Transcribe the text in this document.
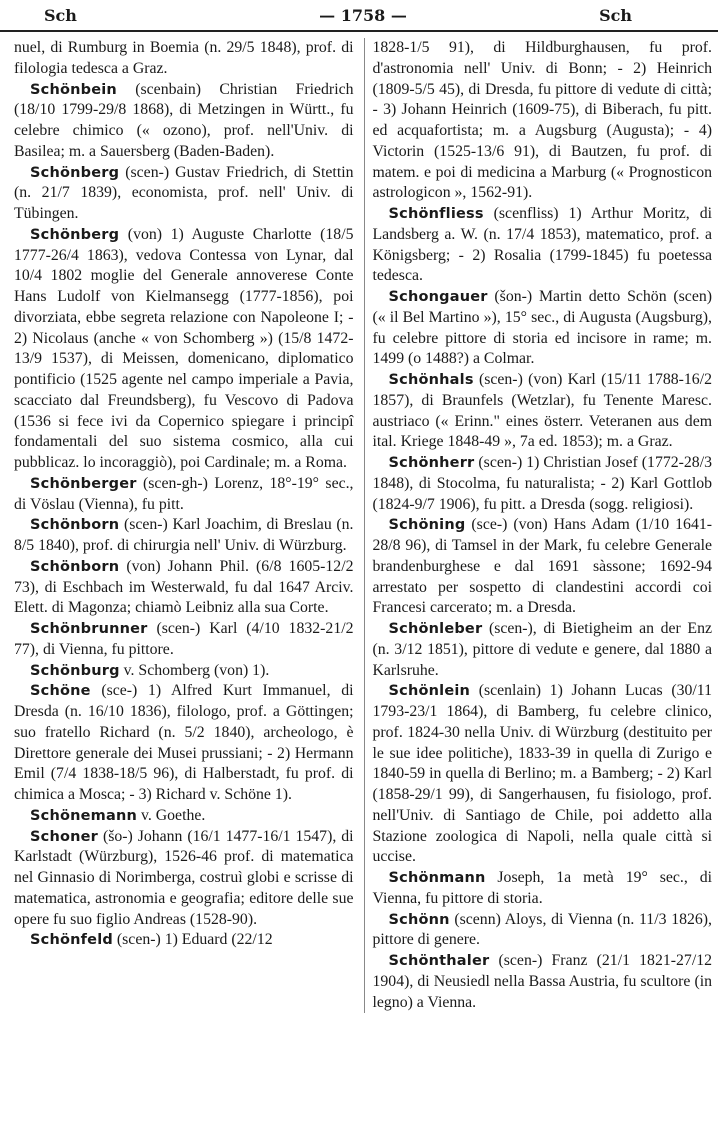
Sch	— 1758 —	Sch

nuel, di Rumburg in Boemia (n. 29/5 1848), prof. di filologia tedesca a Graz.

Schönbein (scenbain) Christian Friedrich (18/10 1799-29/8 1868), di Metzingen in Württ., fu celebre chimico (« ozono), prof. nell'Univ. di Basilea; m. a Sauersberg (Baden-Baden).

Schönberg (scen-) Gustav Friedrich, di Stettin (n. 21/7 1839), economista, prof. nell' Univ. di Tübingen.

Schönberg (von) 1) Auguste Charlotte (18/5 1777-26/4 1863), vedova Contessa von Lynar, dal 10/4 1802 moglie del Generale annoverese Conte Hans Ludolf von Kielmansegg (1777-1856), poi divorziata, ebbe segreta relazione con Napoleone I; - 2) Nicolaus (anche « von Schomberg ») (15/8 1472-13/9 1537), di Meissen, domenicano, diplomatico pontificio (1525 agente nel campo imperiale a Pavia, scacciato dal Freundsberg), fu Vescovo di Padova (1536 si fece ivi da Copernico spiegare i principî fondamentali del suo sistema cosmico, alla cui pubblicaz. lo incoraggiò), poi Cardinale; m. a Roma.

Schönberger (scen-gh-) Lorenz, 18°-19° sec., di Vöslau (Vienna), fu pitt.

Schönborn (scen-) Karl Joachim, di Breslau (n. 8/5 1840), prof. di chirurgia nell' Univ. di Würzburg.

Schönborn (von) Johann Phil. (6/8 1605-12/2 73), di Eschbach im Westerwald, fu dal 1647 Arciv. Elett. di Magonza; chiamò Leibniz alla sua Corte.

Schönbrunner (scen-) Karl (4/10 1832-21/2 77), di Vienna, fu pittore.

Schönburg v. Schomberg (von) 1).

Schöne (sce-) 1) Alfred Kurt Immanuel, di Dresda (n. 16/10 1836), filologo, prof. a Göttingen; suo fratello Richard (n. 5/2 1840), archeologo, è Direttore generale dei Musei prussiani; - 2) Hermann Emil (7/4 1838-18/5 96), di Halberstadt, fu prof. di chimica a Mosca; - 3) Richard v. Schöne 1).

Schönemann v. Goethe.

Schoner (šo-) Johann (16/1 1477-16/1 1547), di Karlstadt (Würzburg), 1526-46 prof. di matematica nel Ginnasio di Norimberga, costruì globi e scrisse di matematica, astronomia e geografia; editore delle sue opere fu suo figlio Andreas (1528-90).

Schönfeld (scen-) 1) Eduard (22/12

1828-1/5 91), di Hildburghausen, fu prof. d'astronomia nell' Univ. di Bonn; - 2) Heinrich (1809-5/5 45), di Dresda, fu pittore di vedute di città; - 3) Johann Heinrich (1609-75), di Biberach, fu pitt. ed acquafortista; m. a Augsburg (Augusta); - 4) Victorin (1525-13/6 91), di Bautzen, fu prof. di matem. e poi di medicina a Marburg (« Prognosticon astrologicon », 1562-91).

Schönfliess (scenfliss) 1) Arthur Moritz, di Landsberg a. W. (n. 17/4 1853), matematico, prof. a Königsberg; - 2) Rosalia (1799-1845) fu poetessa tedesca.

Schongauer (šon-) Martin detto Schön (scen) (« il Bel Martino »), 15° sec., di Augusta (Augsburg), fu celebre pittore di storia ed incisore in rame; m. 1499 (o 1488?) a Colmar.

Schönhals (scen-) (von) Karl (15/11 1788-16/2 1857), di Braunfels (Wetzlar), fu Tenente Maresc. austriaco (« Erinn." eines österr. Veteranen aus dem ital. Kriege 1848-49 », 7a ed. 1853); m. a Graz.

Schönherr (scen-) 1) Christian Josef (1772-28/3 1848), di Stocolma, fu naturalista; - 2) Karl Gottlob (1824-9/7 1906), fu pitt. a Dresda (sogg. religiosi).

Schöning (sce-) (von) Hans Adam (1/10 1641-28/8 96), di Tamsel in der Mark, fu celebre Generale brandenburghese e dal 1691 sàssone; 1692-94 arrestato per sospetto di clandestini accordi coi Francesi carcerato; m. a Dresda.

Schönleber (scen-), di Bietigheim an der Enz (n. 3/12 1851), pittore di vedute e genere, dal 1880 a Karlsruhe.

Schönlein (scenlain) 1) Johann Lucas (30/11 1793-23/1 1864), di Bamberg, fu celebre clinico, prof. 1824-30 nella Univ. di Würzburg (destituito per le sue idee politiche), 1833-39 in quella di Zurigo e 1840-59 in quella di Berlino; m. a Bamberg; - 2) Karl (1858-29/1 99), di Sangerhausen, fu fisiologo, prof. nell'Univ. di Santiago de Chile, poi addetto alla Stazione zoologica di Napoli, nella quale città si uccise.

Schönmann Joseph, 1a metà 19° sec., di Vienna, fu pittore di storia.

Schönn (scenn) Aloys, di Vienna (n. 11/3 1826), pittore di genere.

Schönthaler (scen-) Franz (21/1 1821-27/12 1904), di Neusiedl nella Bassa Austria, fu scultore (in legno) a Vienna.
